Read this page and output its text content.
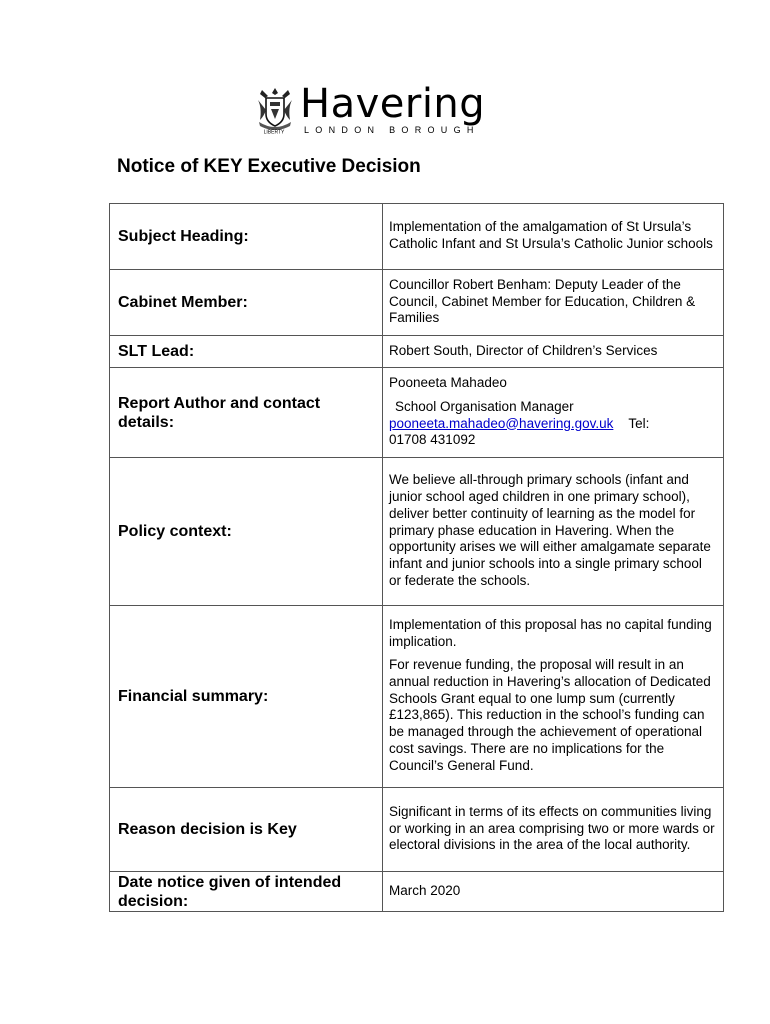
Havering
LIBERTY LONDON BOROUGH
Notice of KEY Executive Decision
Subject Heading:	Implementation of the amalgamation of St Ursula’s Catholic Infant and St Ursula’s Catholic Junior schools
Cabinet Member:	Councillor Robert Benham: Deputy Leader of the Council, Cabinet Member for Education, Children & Families
SLT Lead:	Robert South, Director of Children’s Services
Report Author and contact details:	Pooneeta Mahadeo

School Organisation Manager

pooneeta.mahadeo@havering.gov.uk Tel:

01708 431092

Policy context:	We believe all-through primary schools (infant and junior school aged children in one primary school), deliver better continuity of learning as the model for primary phase education in Havering. When the opportunity arises we will either amalgamate separate infant and junior schools into a single primary school or federate the schools.
Financial summary:	Implementation of this proposal has no capital funding implication.

For revenue funding, the proposal will result in an annual reduction in Havering’s allocation of Dedicated Schools Grant equal to one lump sum (currently £123,865). This reduction in the school’s funding can be managed through the achievement of operational cost savings. There are no implications for the Council’s General Fund.

Reason decision is Key	Significant in terms of its effects on communities living or working in an area comprising two or more wards or electoral divisions in the area of the local authority.
Date notice given of intended decision:	March 2020
